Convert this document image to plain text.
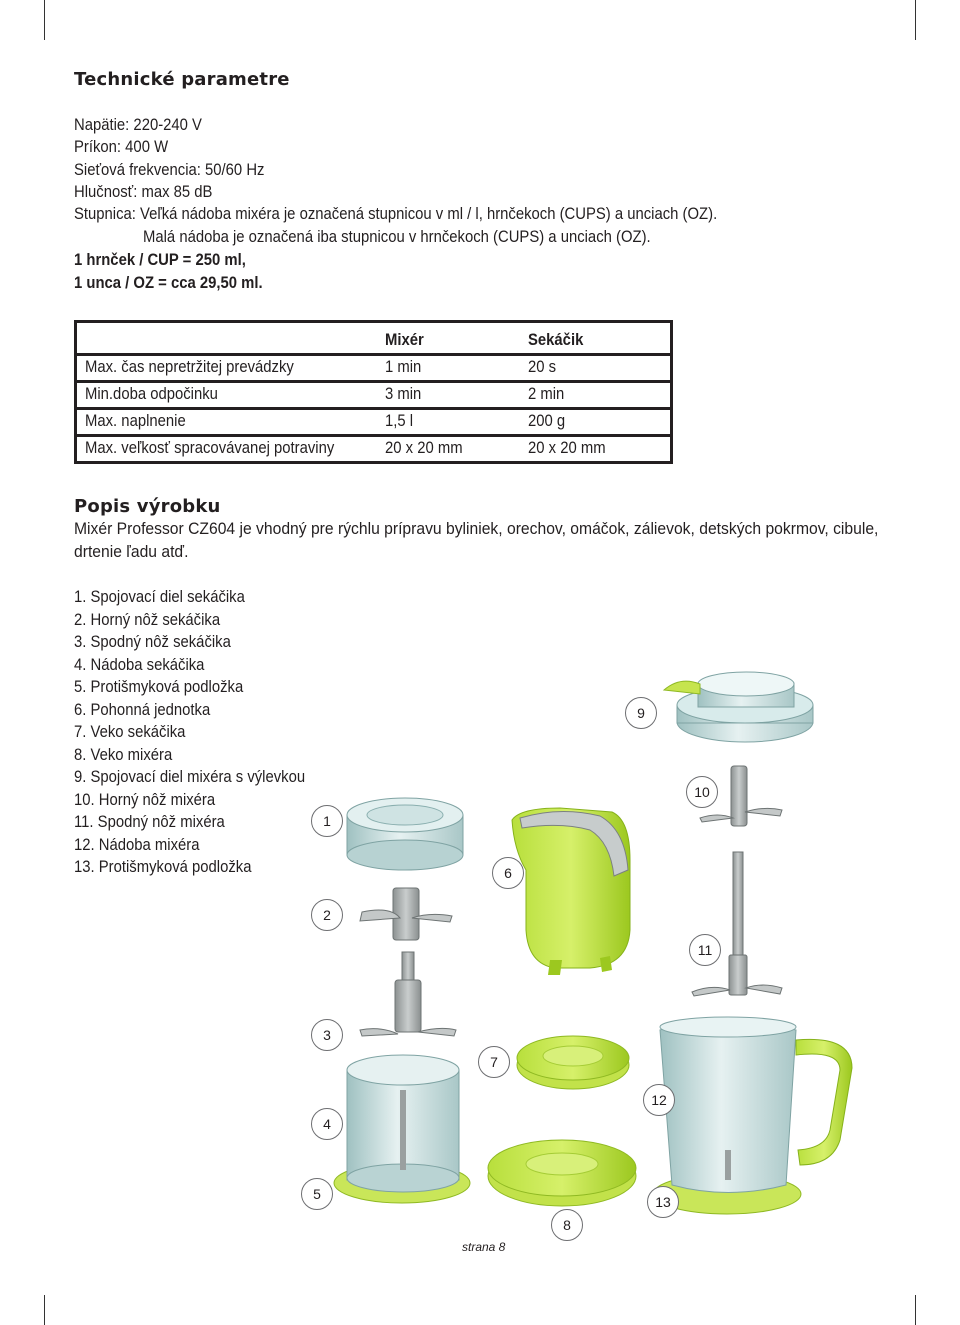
Technické parametre
Napätie: 220-240 V
Príkon: 400 W
Sieťová frekvencia: 50/60 Hz
Hlučnosť: max 85 dB
Stupnica: Veľká nádoba mixéra je označená stupnicou v ml / l, hrnčekoch (CUPS) a unciach (OZ).
Malá nádoba je označená iba stupnicou v hrnčekoch (CUPS) a unciach (OZ).
1 hrnček / CUP = 250 ml,
1 unca / OZ = cca 29,50 ml.
	Mixér	Sekáčik
Max. čas nepretržitej prevádzky	1 min	20 s
Min.doba odpočinku	3 min	2 min
Max. naplnenie	1,5 l	200 g
Max. veľkosť spracovávanej potraviny	20 x 20 mm	20 x 20 mm
Popis výrobku
Mixér Professor CZ604 je vhodný pre rýchlu prípravu byliniek, orechov, omáčok, zálievok, detských pokrmov, cibule,
drtenie ľadu atď.
1. Spojovací diel sekáčika
2. Horný nôž sekáčika
3. Spodný nôž sekáčika
4. Nádoba sekáčika
5. Protišmyková podložka
6. Pohonná jednotka
7. Veko sekáčika
8. Veko mixéra
9. Spojovací diel mixéra s výlevkou
10. Horný nôž mixéra
11. Spodný nôž mixéra
12. Nádoba mixéra
13. Protišmyková podložka
1
2
3
4
5
6
7
8
9
10
11
12
13
strana 8
